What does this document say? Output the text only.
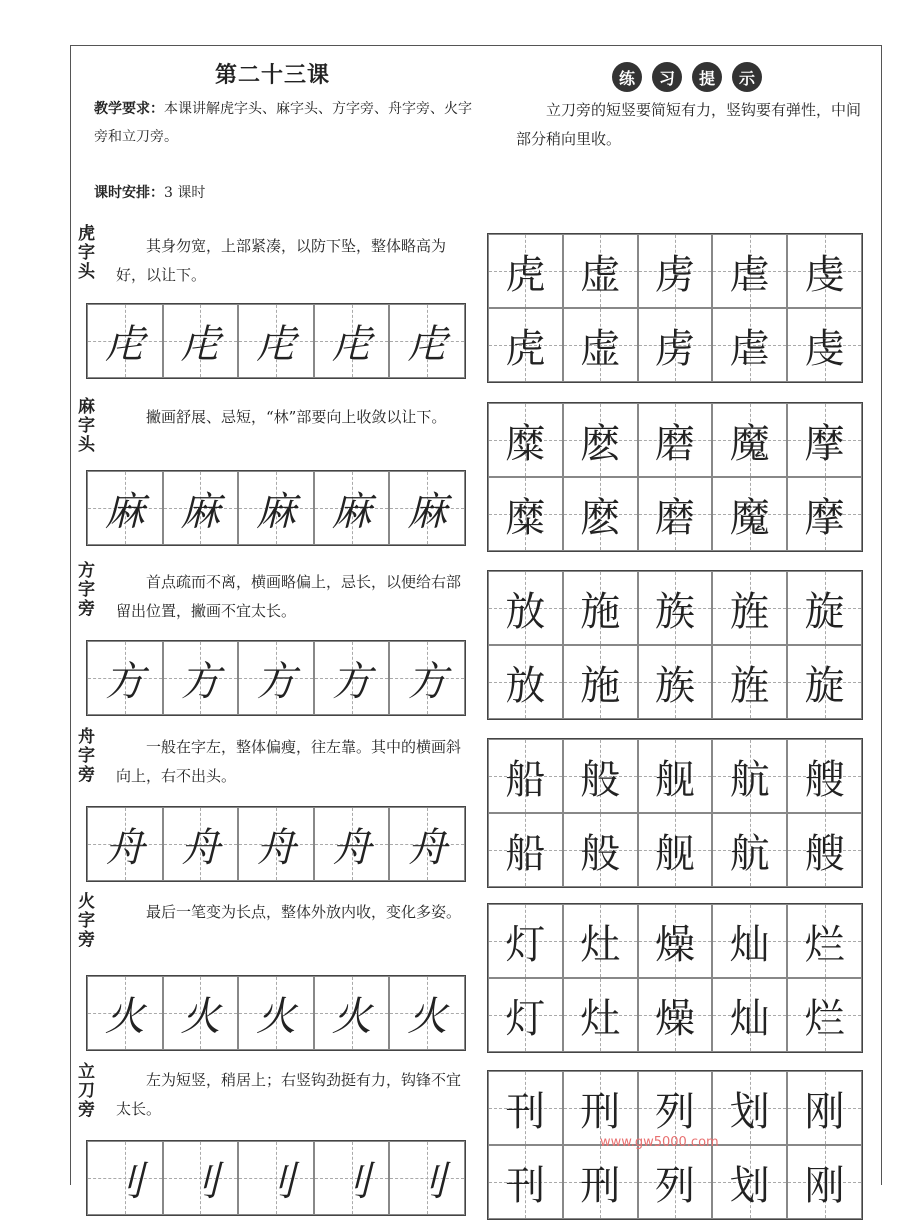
第二十三课
教学要求：本课讲解虎字头、麻字头、方字旁、舟字旁、火字旁和立刀旁。
课时安排：3 课时
练	习	提	示
立刀旁的短竖要简短有力，竖钩要有弹性，中间部分稍向里收。
虎字头
其身勿宽，上部紧凑，以防下坠，整体略高为好，以让下。
虍 虍 虍 虍 虍
虎 虚 虏 虐 虔
虎 虚 虏 虐 虔
麻字头
撇画舒展、忌短，“林”部要向上收敛以让下。
麻 麻 麻 麻 麻
糜 麽 磨 魔 摩
糜 麽 磨 魔 摩
方字旁
首点疏而不离，横画略偏上，忌长，以便给右部留出位置，撇画不宜太长。
方 方 方 方 方
放 施 族 旌 旋
放 施 族 旌 旋
舟字旁
一般在字左，整体偏瘦，往左靠。其中的横画斜向上，右不出头。
舟 舟 舟 舟 舟
船 般 舰 航 艘
船 般 舰 航 艘
火字旁
最后一笔变为长点，整体外放内收，变化多姿。
火 火 火 火 火
灯 灶 燥 灿 烂
灯 灶 燥 灿 烂
立刀旁
左为短竖，稍居上；右竖钩劲挺有力，钩锋不宜太长。
刂 刂 刂 刂 刂
刊 刑 列 划 刚
刊 刑 列 划 刚
www.gw5000.com
